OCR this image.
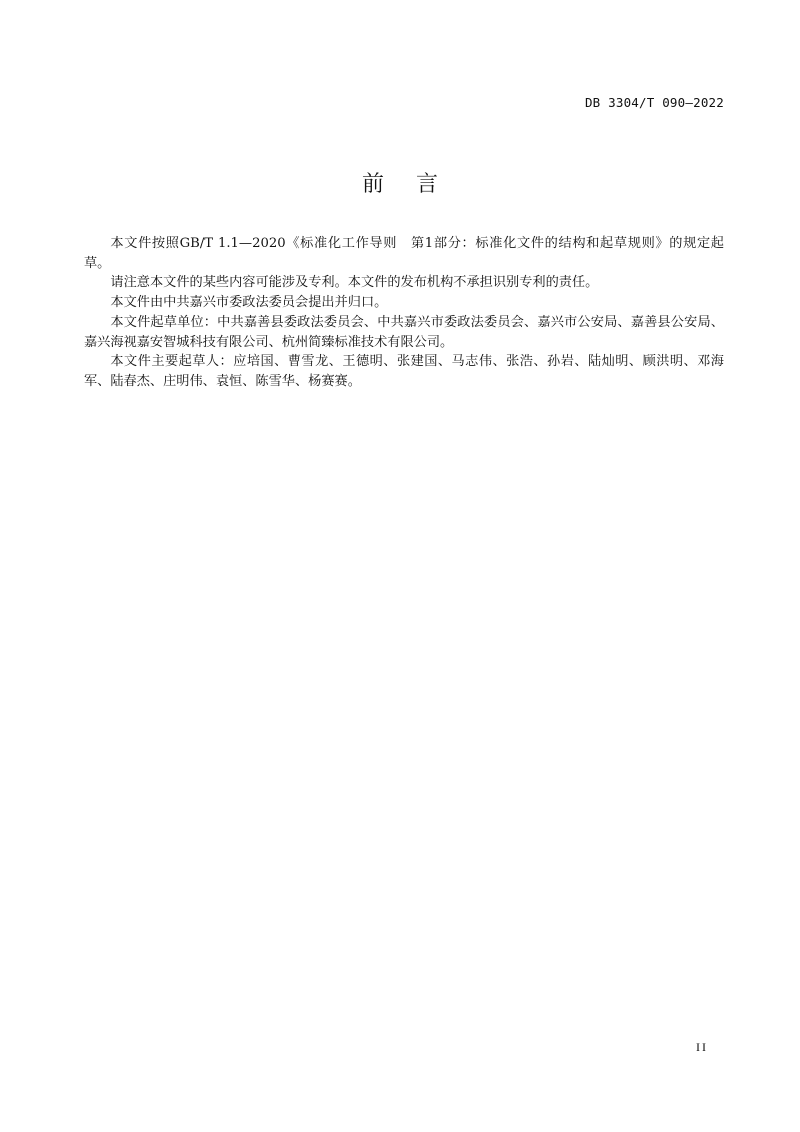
DB 3304/T 090—2022
前言

本文件按照GB/T 1.1—2020《标准化工作导则　第1部分：标准化文件的结构和起草规则》的规定起草。

请注意本文件的某些内容可能涉及专利。本文件的发布机构不承担识别专利的责任。

本文件由中共嘉兴市委政法委员会提出并归口。

本文件起草单位：中共嘉善县委政法委员会、中共嘉兴市委政法委员会、嘉兴市公安局、嘉善县公安局、嘉兴海视嘉安智城科技有限公司、杭州简臻标准技术有限公司。

本文件主要起草人：应培国、曹雪龙、王德明、张建国、马志伟、张浩、孙岩、陆灿明、顾洪明、邓海军、陆春杰、庄明伟、袁恒、陈雪华、杨赛赛。

II
